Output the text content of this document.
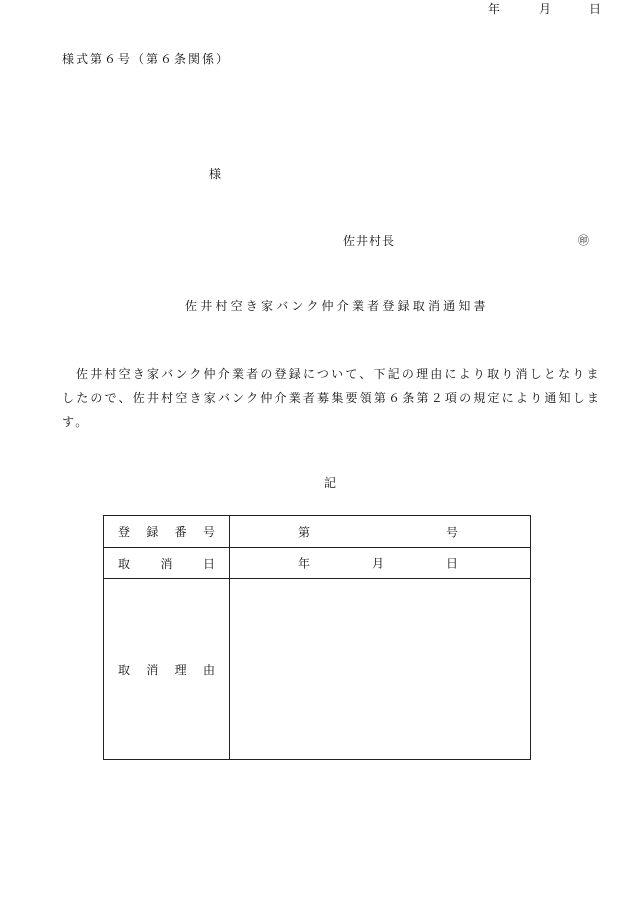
様式第６号（第６条関係）
年	月	日
様
佐井村長	㊞
佐井村空き家バンク仲介業者登録取消通知書
佐井村空き家バンク仲介業者の登録について、下記の理由により取り消しとなりましたので、佐井村空き家バンク仲介業者募集要領第６条第２項の規定により通知します。
記
登 録 番 号	第 号

取 消 日	年 月 日

取 消 理 由	
